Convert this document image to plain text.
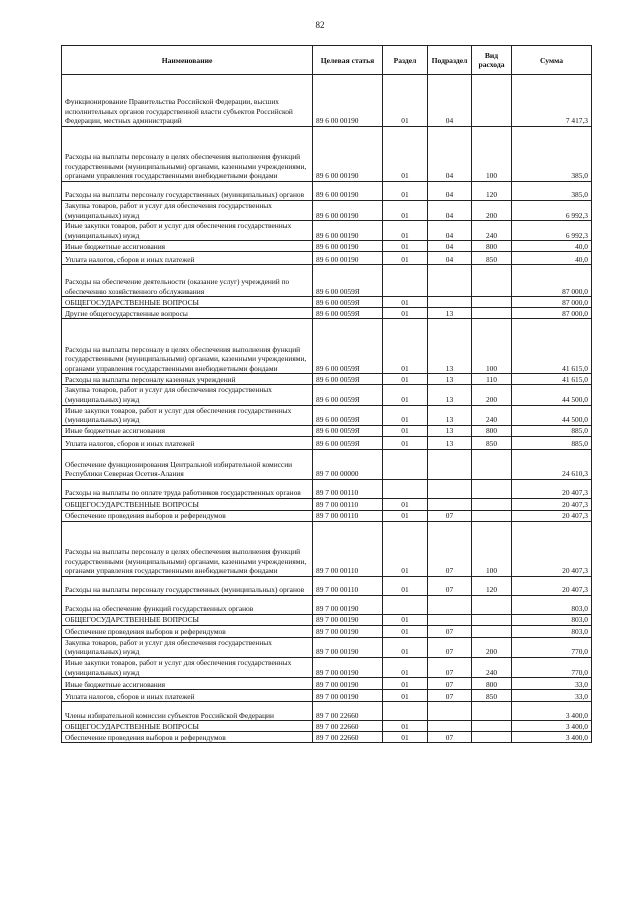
82
Наименование	Целевая статья	Раздел	Подраздел	Вид расхода	Сумма
Функционирование Правительства Российской Федерации, высших исполнительных органов государственной власти субъектов Российской Федерации, местных администраций	89 6 00 00190	01	04		7 417,3
Расходы на выплаты персоналу в целях обеспечения выполнения функций государственными (муниципальными) органами, казенными учреждениями, органами управления государственными внебюджетными фондами	89 6 00 00190	01	04	100	385,0
Расходы на выплаты персоналу государственных (муниципальных) органов	89 6 00 00190	01	04	120	385,0
Закупка товаров, работ и услуг для обеспечения государственных (муниципальных) нужд	89 6 00 00190	01	04	200	6 992,3
Иные закупки товаров, работ и услуг для обеспечения государственных (муниципальных) нужд	89 6 00 00190	01	04	240	6 992,3
Иные бюджетные ассигнования	89 6 00 00190	01	04	800	40,0
Уплата налогов, сборов и иных платежей	89 6 00 00190	01	04	850	40,0
Расходы на обеспечение деятельности (оказание услуг) учреждений по обеспечению хозяйственного обслуживания	89 6 00 0059Я				87 000,0
ОБЩЕГОСУДАРСТВЕННЫЕ ВОПРОСЫ	89 6 00 0059Я	01			87 000,0
Другие общегосударственные вопросы	89 6 00 0059Я	01	13		87 000,0
Расходы на выплаты персоналу в целях обеспечения выполнения функций государственными (муниципальными) органами, казенными учреждениями, органами управления государственными внебюджетными фондами	89 6 00 0059Я	01	13	100	41 615,0
Расходы на выплаты персоналу казенных учреждений	89 6 00 0059Я	01	13	110	41 615,0
Закупка товаров, работ и услуг для обеспечения государственных (муниципальных) нужд	89 6 00 0059Я	01	13	200	44 500,0
Иные закупки товаров, работ и услуг для обеспечения государственных (муниципальных) нужд	89 6 00 0059Я	01	13	240	44 500,0
Иные бюджетные ассигнования	89 6 00 0059Я	01	13	800	885,0
Уплата налогов, сборов и иных платежей	89 6 00 0059Я	01	13	850	885,0
Обеспечение функционирования Центральной избирательной комиссии Республики Северная Осетия-Алания	89 7 00 00000				24 610,3
Расходы на выплаты по оплате труда работников государственных органов	89 7 00 00110				20 407,3
ОБЩЕГОСУДАРСТВЕННЫЕ ВОПРОСЫ	89 7 00 00110	01			20 407,3
Обеспечение проведения выборов и референдумов	89 7 00 00110	01	07		20 407,3
Расходы на выплаты персоналу в целях обеспечения выполнения функций государственными (муниципальными) органами, казенными учреждениями, органами управления государственными внебюджетными фондами	89 7 00 00110	01	07	100	20 407,3
Расходы на выплаты персоналу государственных (муниципальных) органов	89 7 00 00110	01	07	120	20 407,3
Расходы на обеспечение функций государственных органов	89 7 00 00190				803,0
ОБЩЕГОСУДАРСТВЕННЫЕ ВОПРОСЫ	89 7 00 00190	01			803,0
Обеспечение проведения выборов и референдумов	89 7 00 00190	01	07		803,0
Закупка товаров, работ и услуг для обеспечения государственных (муниципальных) нужд	89 7 00 00190	01	07	200	770,0
Иные закупки товаров, работ и услуг для обеспечения государственных (муниципальных) нужд	89 7 00 00190	01	07	240	770,0
Иные бюджетные ассигнования	89 7 00 00190	01	07	800	33,0
Уплата налогов, сборов и иных платежей	89 7 00 00190	01	07	850	33,0
Члены избирательной комиссии субъектов Российской Федерации	89 7 00 22660				3 400,0
ОБЩЕГОСУДАРСТВЕННЫЕ ВОПРОСЫ	89 7 00 22660	01			3 400,0
Обеспечение проведения выборов и референдумов	89 7 00 22660	01	07		3 400,0
